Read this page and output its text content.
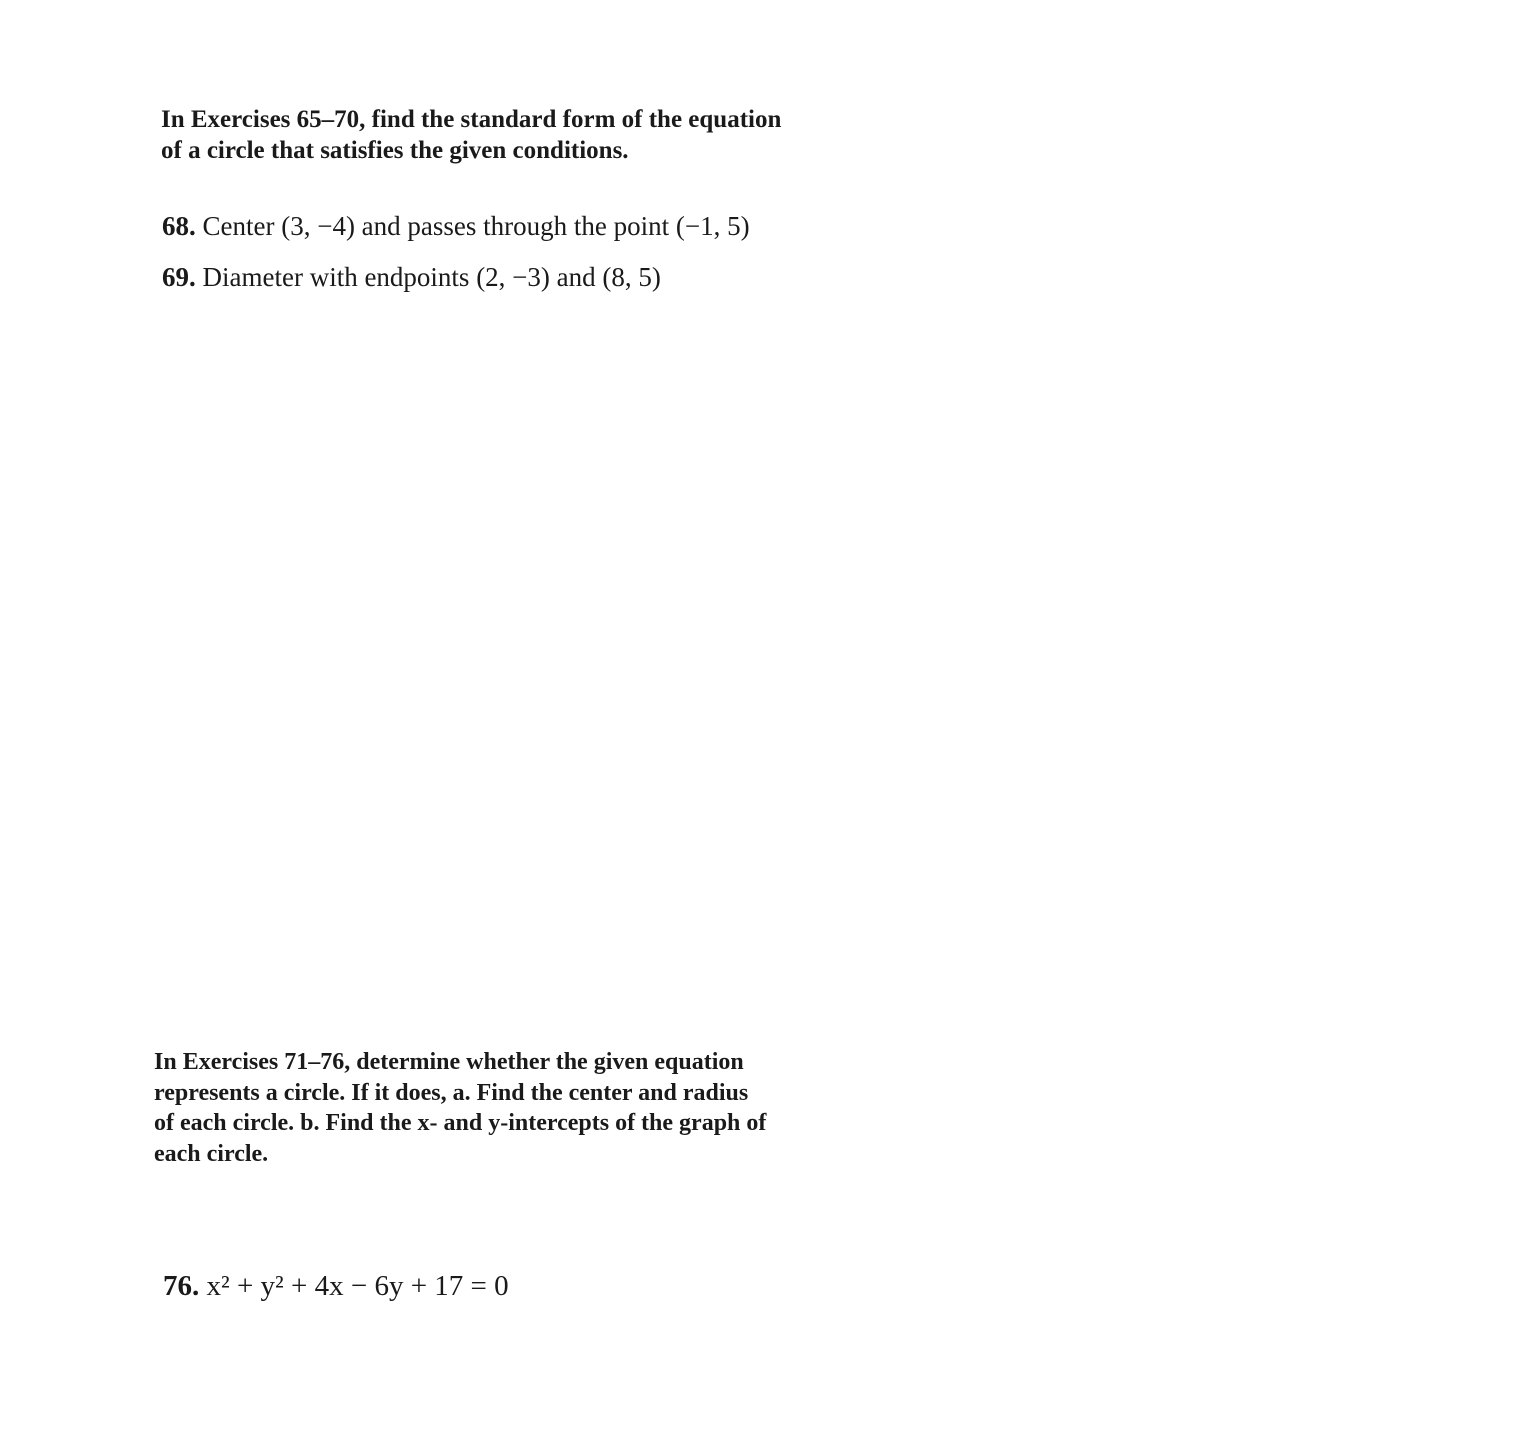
In Exercises 65–70, find the standard form of the equation
of a circle that satisfies the given conditions.
68. Center (3, −4) and passes through the point (−1, 5)
69. Diameter with endpoints (2, −3) and (8, 5)
In Exercises 71–76, determine whether the given equation
represents a circle. If it does, a. Find the center and radius
of each circle. b. Find the x- and y-intercepts of the graph of
each circle.
76. x² + y² + 4x − 6y + 17 = 0
